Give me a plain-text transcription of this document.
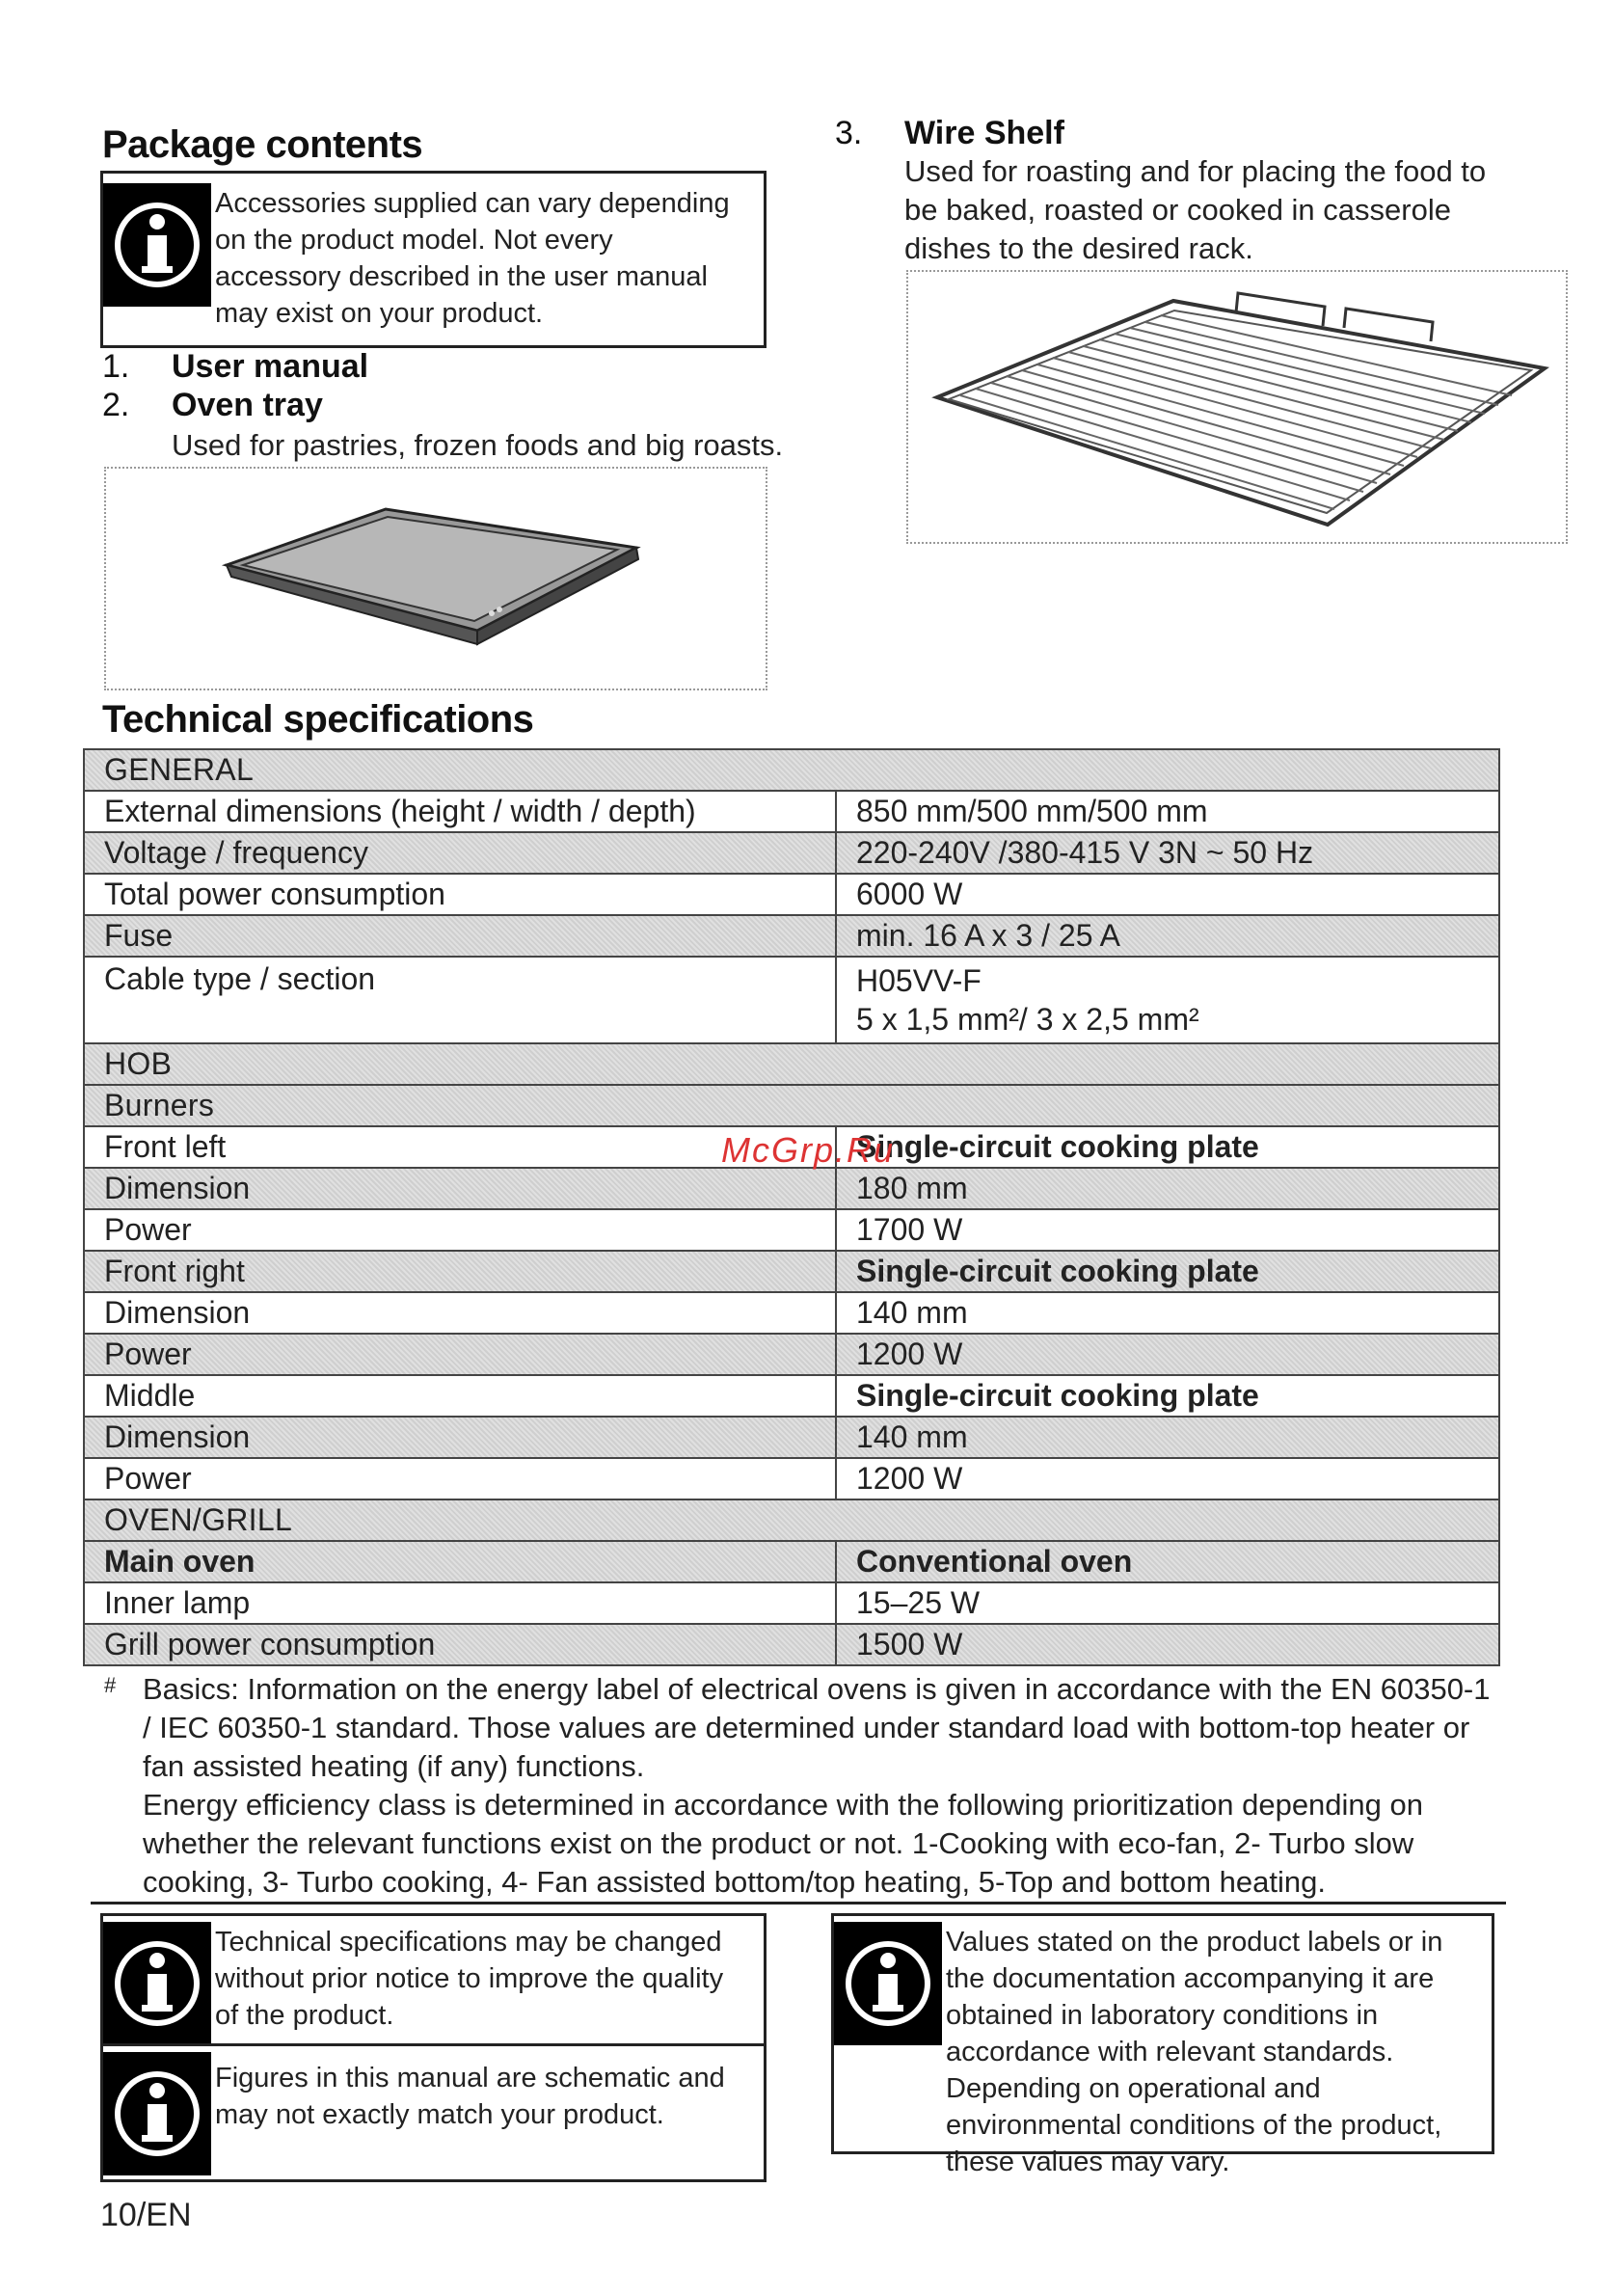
Package contents
Accessories supplied can vary depending on the product model. Not every accessory described in the user manual may exist on your product.
1. User manual
2. Oven tray
Used for pastries, frozen foods and big roasts.
3. Wire Shelf
Used for roasting and for placing the food to be baked, roasted or cooked in casserole dishes to the desired rack.
Technical specifications
GENERAL	
External dimensions (height / width / depth)	850 mm/500 mm/500 mm
Voltage / frequency	220-240V /380-415 V 3N ~ 50 Hz
Total power consumption	6000 W
Fuse	min. 16 A x 3 / 25 A
Cable type / section	H05VV-F
5 x 1,5 mm²/ 3 x 2,5 mm²

HOB	
Burners	
Front left	Single-circuit cooking plate
Dimension	180 mm
Power	1700 W
Front right	Single-circuit cooking plate
Dimension	140 mm
Power	1200 W
Middle	Single-circuit cooking plate
Dimension	140 mm
Power	1200 W
OVEN/GRILL	
Main oven	Conventional oven
Inner lamp	15–25 W
Grill power consumption	1500 W
McGrp.Ru
# Basics: Information on the energy label of electrical ovens is given in accordance with the EN 60350-1 / IEC 60350-1 standard. Those values are determined under standard load with bottom-top heater or fan assisted heating (if any) functions.
Energy efficiency class is determined in accordance with the following prioritization depending on whether the relevant functions exist on the product or not. 1-Cooking with eco-fan, 2- Turbo slow cooking, 3- Turbo cooking, 4- Fan assisted bottom/top heating, 5-Top and bottom heating.
Technical specifications may be changed without prior notice to improve the quality of the product.
Figures in this manual are schematic and may not exactly match your product.
Values stated on the product labels or in the documentation accompanying it are obtained in laboratory conditions in accordance with relevant standards. Depending on operational and environmental conditions of the product, these values may vary.
10/EN
